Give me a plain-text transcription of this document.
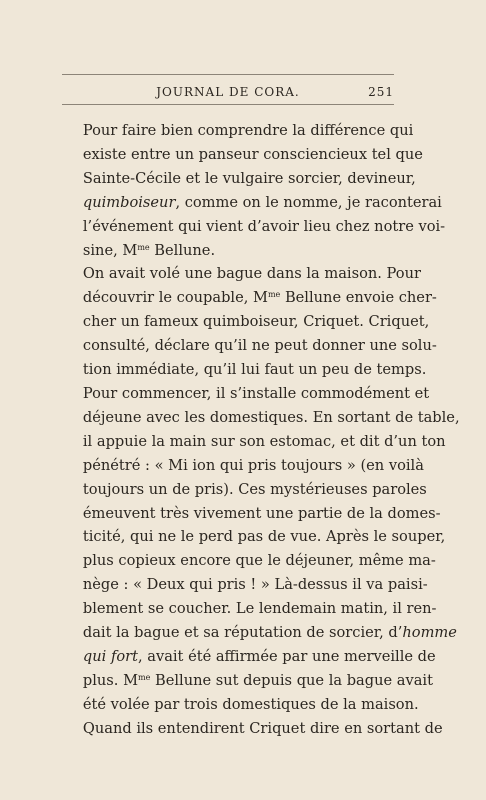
JOURNAL DE CORA.	251

Pour faire bien comprendre la différence qui
existe entre un panseur consciencieux tel que
Sainte-Cécile et le vulgaire sorcier, devineur,
quimboiseur, comme on le nomme, je raconterai
l’événement qui vient d’avoir lieu chez notre voi-
sine, $M^{me}$ Bellune.

On avait volé une bague dans la maison. Pour
découvrir le coupable, $M^{me}$ Bellune envoie cher-
cher un fameux quimboiseur, Criquet. Criquet,
consulté, déclare qu’il ne peut donner une solu-
tion immédiate, qu’il lui faut un peu de temps.
Pour commencer, il s’installe commodément et
déjeune avec les domestiques. En sortant de table,
il appuie la main sur son estomac, et dit d’un ton
pénétré : « Mi ion qui pris toujours » (en voilà
toujours un de pris). Ces mystérieuses paroles
émeuvent très vivement une partie de la domes-
ticité, qui ne le perd pas de vue. Après le souper,
plus copieux encore que le déjeuner, même ma-
nège : « Deux qui pris ! » Là-dessus il va paisi-
blement se coucher. Le lendemain matin, il ren-
dait la bague et sa réputation de sorcier, d’homme
qui fort, avait été affirmée par une merveille de
plus. $M^{me}$ Bellune sut depuis que la bague avait
été volée par trois domestiques de la maison.
Quand ils entendirent Criquet dire en sortant de
